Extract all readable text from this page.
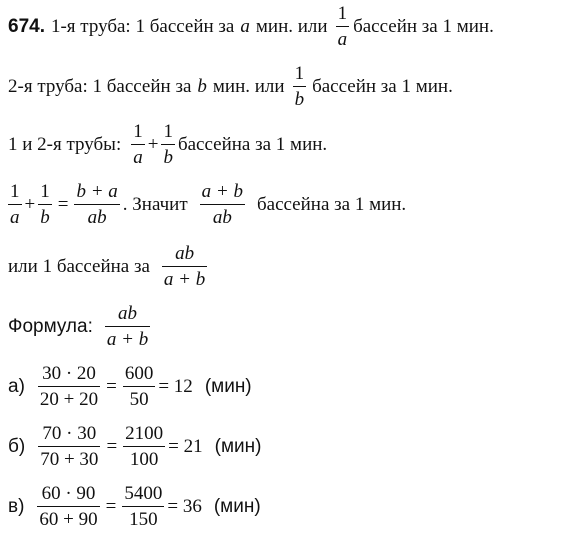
674. 1-я труба: 1 бассейн за a мин. или $\frac{1}{a}$ бассейн за 1 мин.
2-я труба: 1 бассейн за b мин. или $\frac{1}{b}$ бассейн за 1 мин.
1 и 2-я трубы: $\frac{1}{a} + \frac{1}{b}$ бассейна за 1 мин.
$\frac{1}{a} + \frac{1}{b} = \frac{b + a}{ab}$ . Значит $\frac{a + b}{ab}$ бассейна за 1 мин.
или 1 бассейна за $\frac{ab}{a + b}$
Формула: $\frac{ab}{a + b}$
$а) \frac{30 \cdot 20}{20 + 20} = \frac{600}{50} = 12$ (мин)
$б) \frac{70 \cdot 30}{70 + 30} = \frac{2100}{100} = 21$ (мин)
$в) \frac{60 \cdot 90}{60 + 90} = \frac{5400}{150} = 36$ (мин)
